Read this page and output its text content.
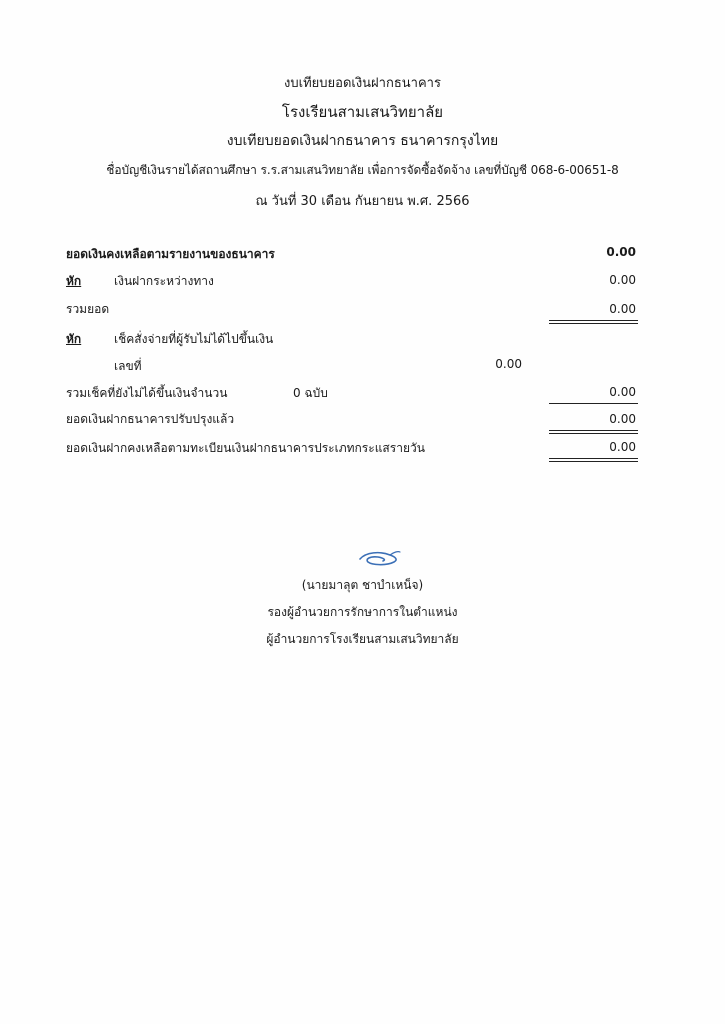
งบเทียบยอดเงินฝากธนาคาร
โรงเรียนสามเสนวิทยาลัย
งบเทียบยอดเงินฝากธนาคาร ธนาคารกรุงไทย
ชื่อบัญชีเงินรายได้สถานศึกษา ร.ร.สามเสนวิทยาลัย เพื่อการจัดซื้อจัดจ้าง เลขที่บัญชี 068-6-00651-8
ณ วันที่ 30 เดือน กันยายน พ.ศ. 2566
ยอดเงินคงเหลือตามรายงานของธนาคาร	0.00
หัก	เงินฝากระหว่างทาง	0.00
รวมยอด	0.00
หัก	เช็คสั่งจ่ายที่ผู้รับไม่ได้ไปขึ้นเงิน
เลขที่	0.00
รวมเช็คที่ยังไม่ได้ขึ้นเงินจำนวน	0 ฉบับ	0.00
ยอดเงินฝากธนาคารปรับปรุงแล้ว	0.00
ยอดเงินฝากคงเหลือตามทะเบียนเงินฝากธนาคารประเภทกระแสรายวัน	0.00
(นายมาลุต ชาบำเหน็จ)
รองผู้อำนวยการรักษาการในตำแหน่ง
ผู้อำนวยการโรงเรียนสามเสนวิทยาลัย
